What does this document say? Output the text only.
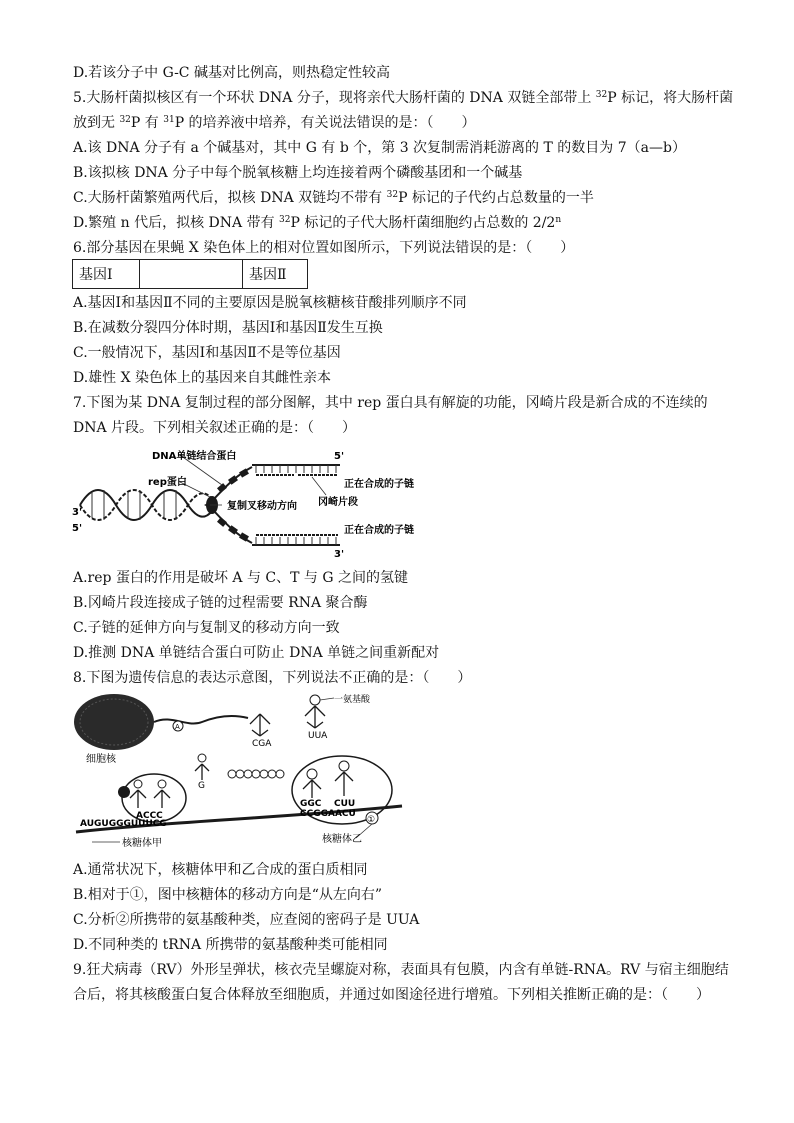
D.若该分子中 G-C 碱基对比例高，则热稳定性较高
5.大肠杆菌拟核区有一个环状 DNA 分子，现将亲代大肠杆菌的 DNA 双链全部带上 $^{32}$P 标记，将大肠杆菌
放到无 $^{32}$P 有 $^{31}$P 的培养液中培养，有关说法错误的是：（　　）
A.该 DNA 分子有 a 个碱基对，其中 G 有 b 个，第 3 次复制需消耗游离的 T 的数目为 7（a—b）
B.该拟核 DNA 分子中每个脱氧核糖上均连接着两个磷酸基团和一个碱基
C.大肠杆菌繁殖两代后，拟核 DNA 双链均不带有 $^{32}$P 标记的子代约占总数量的一半
D.繁殖 n 代后，拟核 DNA 带有 $^{32}$P 标记的子代大肠杆菌细胞约占总数的 2/2$^n$
6.部分基因在果蝇 X 染色体上的相对位置如图所示，下列说法错误的是：（　　）
A.基因Ⅰ和基因Ⅱ不同的主要原因是脱氧核糖核苷酸排列顺序不同
B.在减数分裂四分体时期，基因Ⅰ和基因Ⅱ发生互换
C.一般情况下，基因Ⅰ和基因Ⅱ不是等位基因
D.雄性 X 染色体上的基因来自其雌性亲本
7.下图为某 DNA 复制过程的部分图解，其中 rep 蛋白具有解旋的功能，冈崎片段是新合成的不连续的
DNA 片段。下列相关叙述正确的是：（　　）
A.rep 蛋白的作用是破坏 A 与 C、T 与 G 之间的氢键
B.冈崎片段连接成子链的过程需要 RNA 聚合酶
C.子链的延伸方向与复制叉的移动方向一致
D.推测 DNA 单链结合蛋白可防止 DNA 单链之间重新配对
8.下图为遗传信息的表达示意图，下列说法不正确的是：（　　）
A.通常状况下，核糖体甲和乙合成的蛋白质相同
B.相对于①，图中核糖体的移动方向是“从左向右”
C.分析②所携带的氨基酸种类，应查阅的密码子是 UUA
D.不同种类的 tRNA 所携带的氨基酸种类可能相同
9.狂犬病毒（RV）外形呈弹状，核衣壳呈螺旋对称，表面具有包膜，内含有单链-RNA。RV 与宿主细胞结
合后，将其核酸蛋白复合体释放至细胞质，并通过如图途径进行增殖。下列相关推断正确的是：（　　）
基因Ⅰ		基因Ⅱ
DNA单链结合蛋白
rep蛋白
复制叉移动方向 冈崎片段
正在合成的子链
正在合成的子链
5'
3'
5'
3'
A
细胞核
①
一氨基酸
CGA
UUA
G
GGC CUU
ACCC
AUGUGGGUUUCG
CCGGAACU
核糖体甲	核糖体乙
